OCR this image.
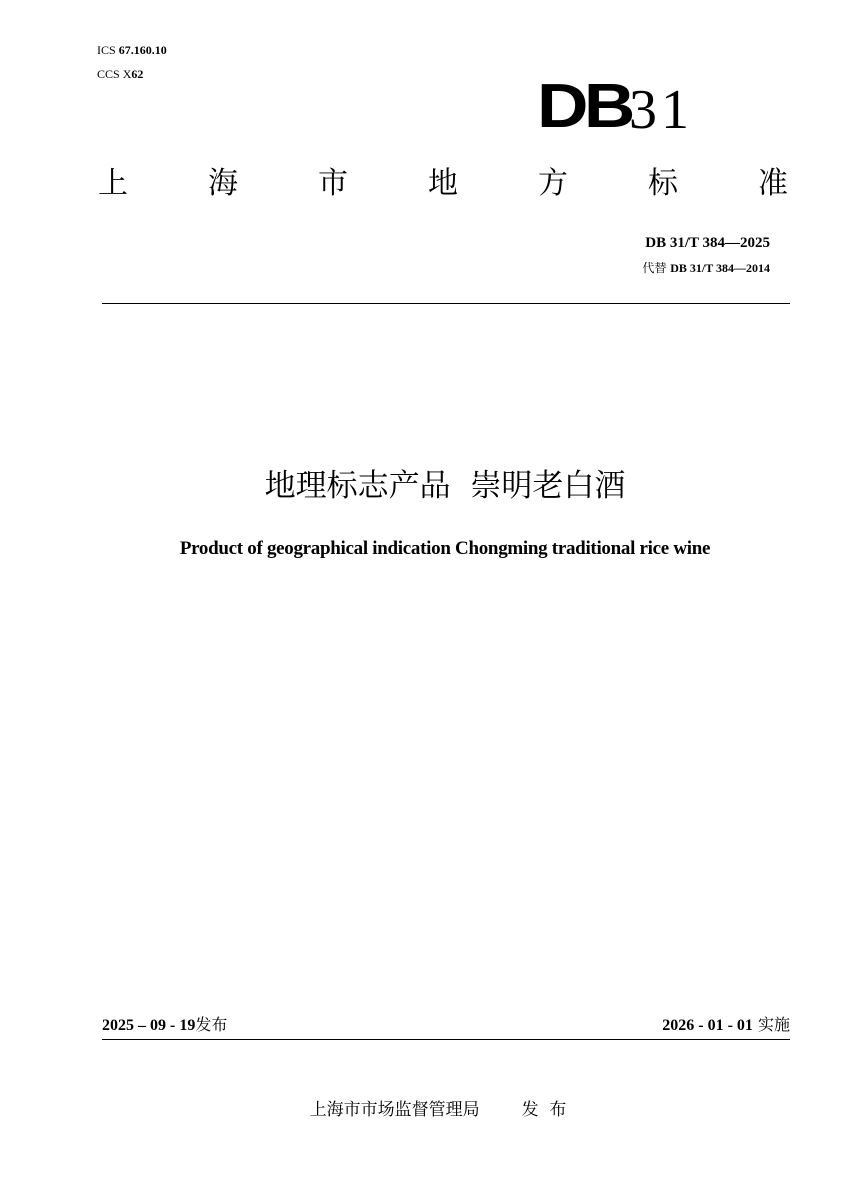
ICS 67.160.10
CCS X62	DB
31
上	海	市	地	方	标	准
DB 31/T 384—2025
代替 DB 31/T 384—2014
地理标志产品  崇明老白酒
Product of geographical indication Chongming traditional rice wine
2025 – 09 - 19发布	2026 - 01 - 01 实施
上海市市场监督管理局 发  布
